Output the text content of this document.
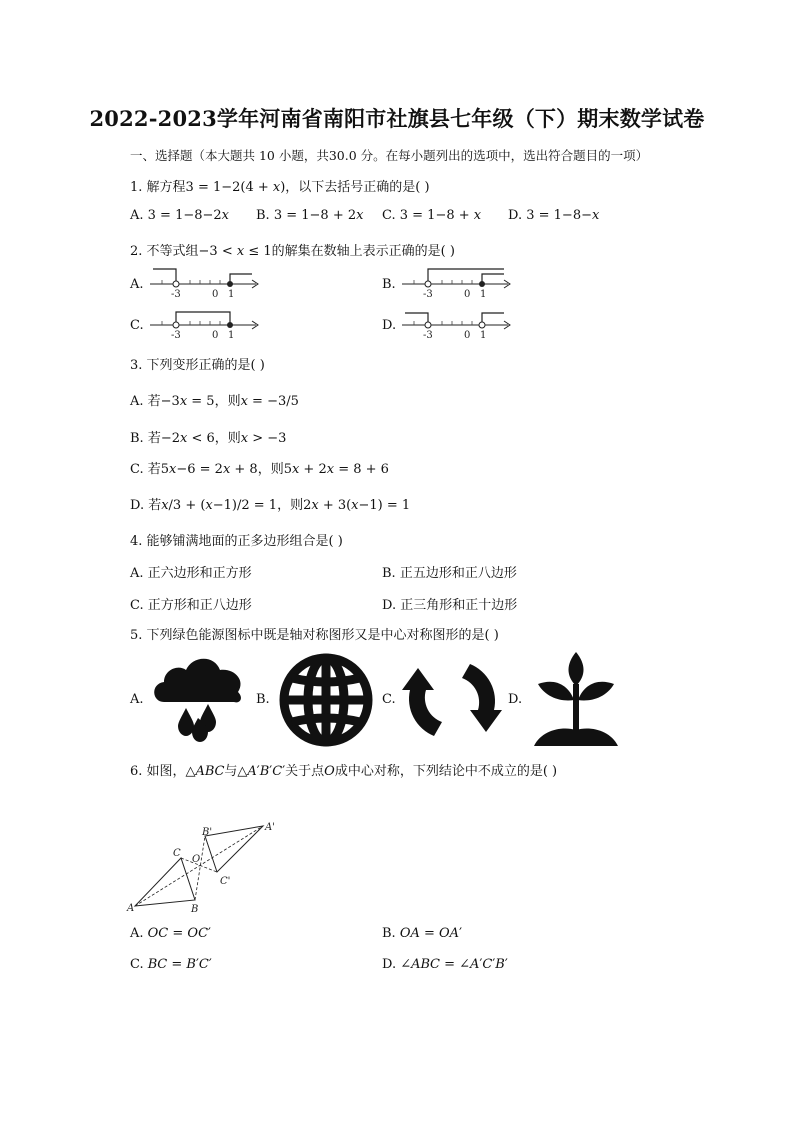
2022-2023学年河南省南阳市社旗县七年级（下）期末数学试卷
一、选择题（本大题共 10 小题，共30.0 分。在每小题列出的选项中，选出符合题目的一项）
1. 解方程3 = 1−2(4 + 𝑥)，以下去括号正确的是( )
A. 3 = 1−8−2𝑥 B. 3 = 1−8 + 2𝑥 C. 3 = 1−8 + 𝑥 D. 3 = 1−8−𝑥
2. 不等式组−3 < 𝑥 ≤ 1的解集在数轴上表示正确的是( )
A.
-3	0 1
B.
-3	0 1
C.
-3	0 1
D.
-3	0 1
3. 下列变形正确的是( )
A. 若−3𝑥 = 5，则𝑥 = −3/5
B. 若−2𝑥 < 6，则𝑥 > −3
C. 若5𝑥−6 = 2𝑥 + 8，则5𝑥 + 2𝑥 = 8 + 6
D. 若𝑥/3 + (𝑥−1)/2 = 1，则2𝑥 + 3(𝑥−1) = 1
4. 能够铺满地面的正多边形组合是( )
A. 正六边形和正方形	B. 正五边形和正八边形
C. 正方形和正八边形	D. 正三角形和正十边形
5. 下列绿色能源图标中既是轴对称图形又是中心对称图形的是( )
A.	B.	C.	D.
6. 如图，△𝐴𝐵𝐶与△𝐴′𝐵′𝐶′关于点𝑂成中心对称，下列结论中不成立的是( )
A	B
C
O
A'
B'
C'
A. 𝑂𝐶 = 𝑂𝐶′	B. 𝑂𝐴 = 𝑂𝐴′
C. 𝐵𝐶 = 𝐵′𝐶′	D. ∠𝐴𝐵𝐶 = ∠𝐴′𝐶′𝐵′
